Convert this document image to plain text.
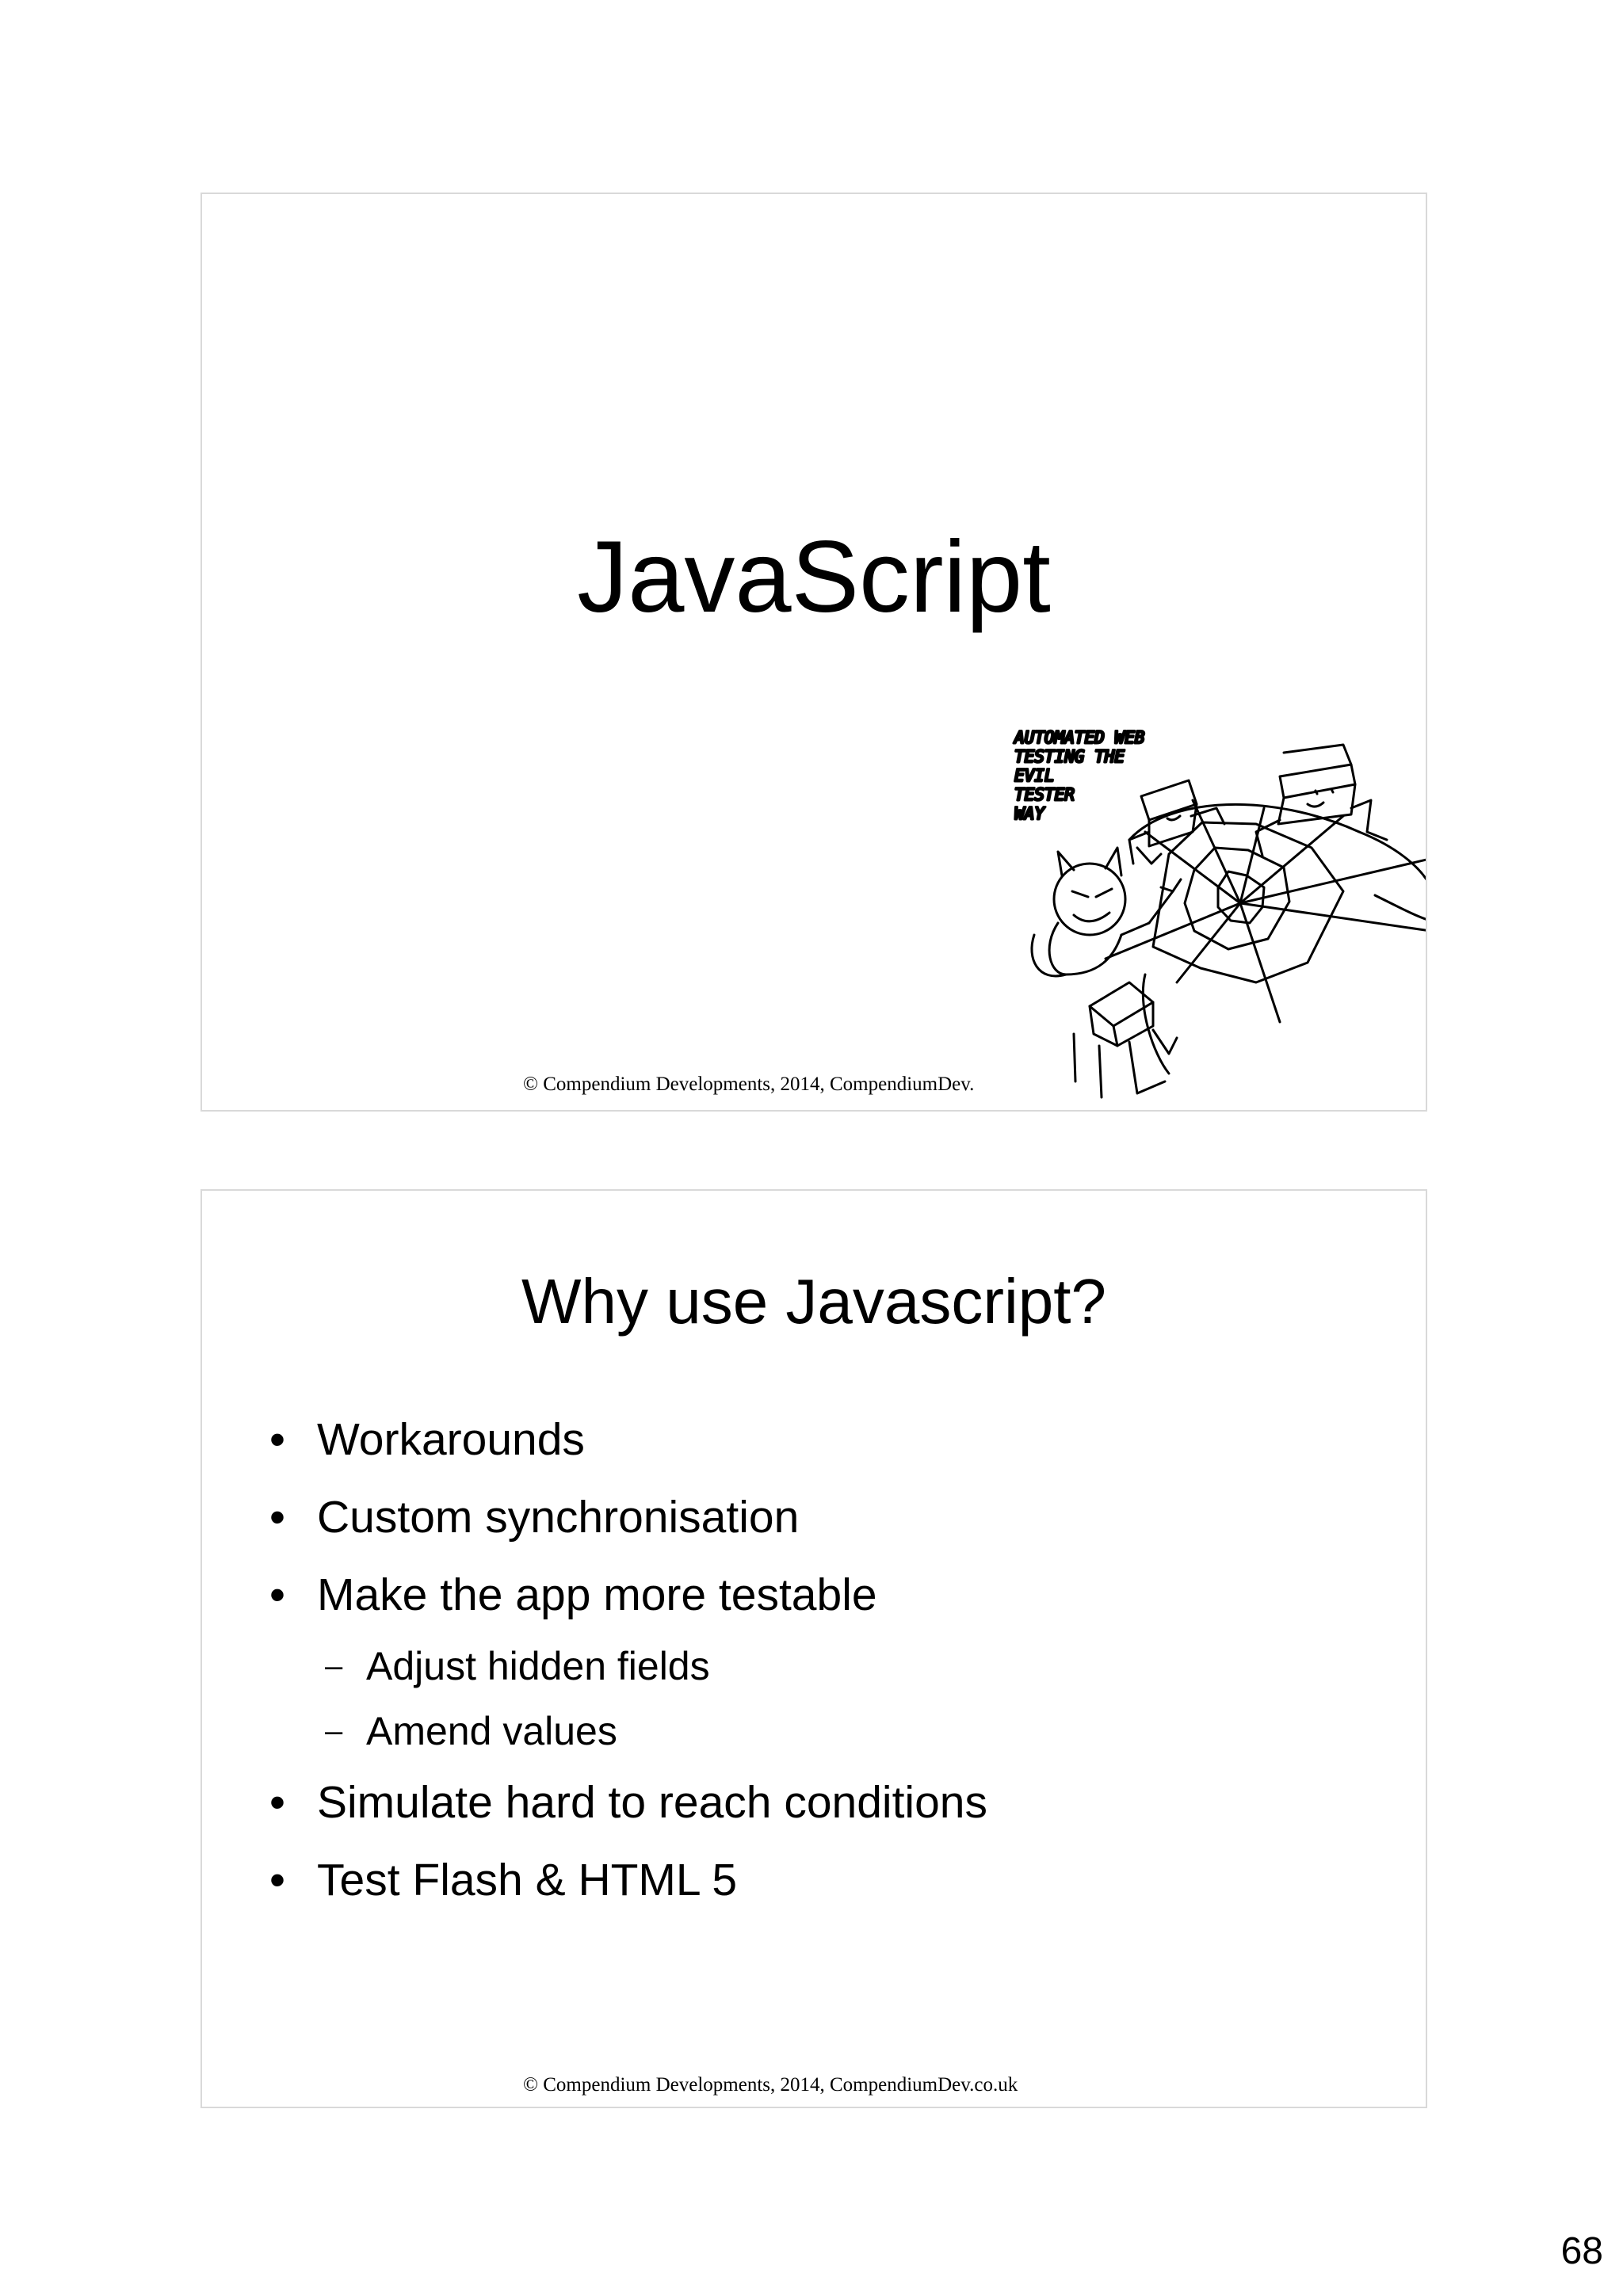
JavaScript
AUTOMATED WEB
TESTING THE
EVIL
TESTER
WAY
© Compendium Developments, 2014, CompendiumDev.
Why use Javascript?
• Workarounds
• Custom synchronisation
• Make the app more testable
– Adjust hidden fields
– Amend values
• Simulate hard to reach conditions
• Test Flash & HTML 5
© Compendium Developments, 2014, CompendiumDev.co.uk
68
